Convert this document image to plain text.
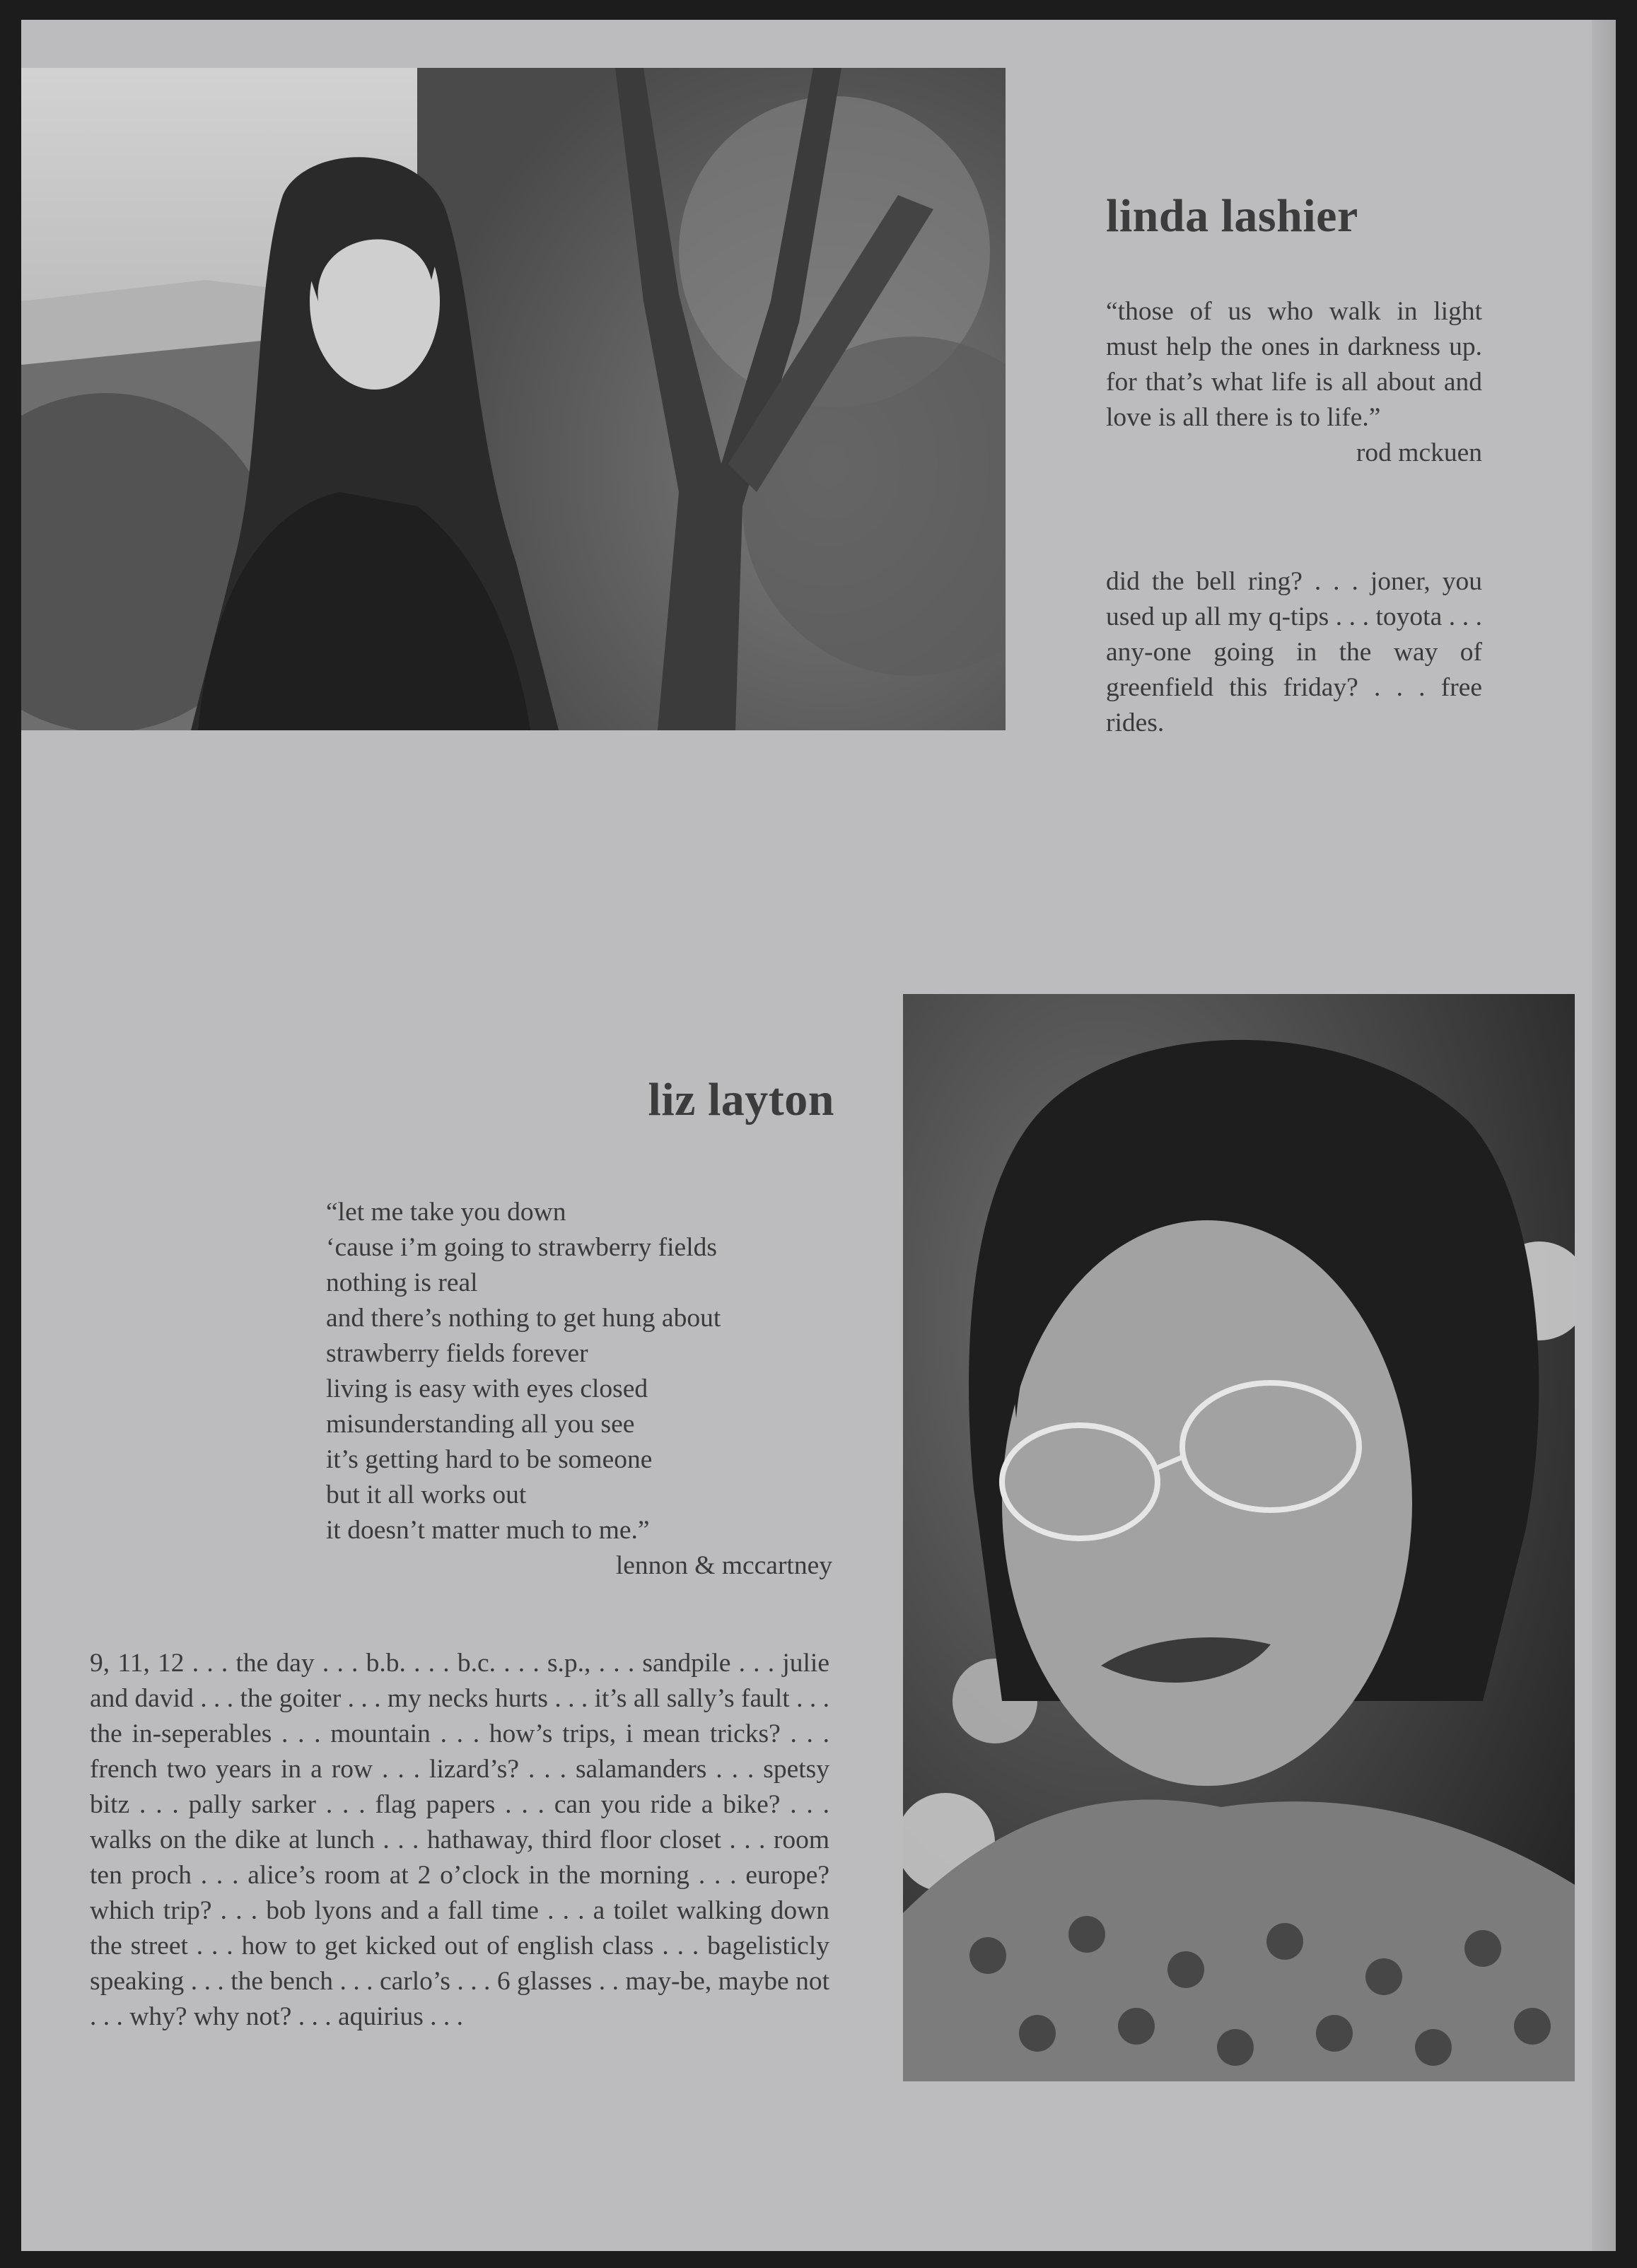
linda lashier
“those of us who walk in light must help the ones in darkness up. for that’s what life is all about and love is all there is to life.”
rod mckuen

did the bell ring? . . . joner, you used up all my q-tips . . . toyota . . . any-one going in the way of greenfield this friday? . . . free rides.

liz layton
“let me take you down
‘cause i’m going to strawberry fields
nothing is real
and there’s nothing to get hung about
strawberry fields forever
living is easy with eyes closed
misunderstanding all you see
it’s getting hard to be someone
but it all works out
it doesn’t matter much to me.”
lennon & mccartney

9, 11, 12 . . . the day . . . b.b. . . . b.c. . . . s.p., . . . sandpile . . . julie and david . . . the goiter . . . my necks hurts . . . it’s all sally’s fault . . . the in-seperables . . . mountain . . . how’s trips, i mean tricks? . . . french two years in a row . . . lizard’s? . . . salamanders . . . spetsy bitz . . . pally sarker . . . flag papers . . . can you ride a bike? . . . walks on the dike at lunch . . . hathaway, third floor closet . . . room ten proch . . . alice’s room at 2 o’clock in the morning . . . europe? which trip? . . . bob lyons and a fall time . . . a toilet walking down the street . . . how to get kicked out of english class . . . bagelisticly speaking . . . the bench . . . carlo’s . . . 6 glasses . . may-be, maybe not . . . why? why not? . . . aquirius . . .
